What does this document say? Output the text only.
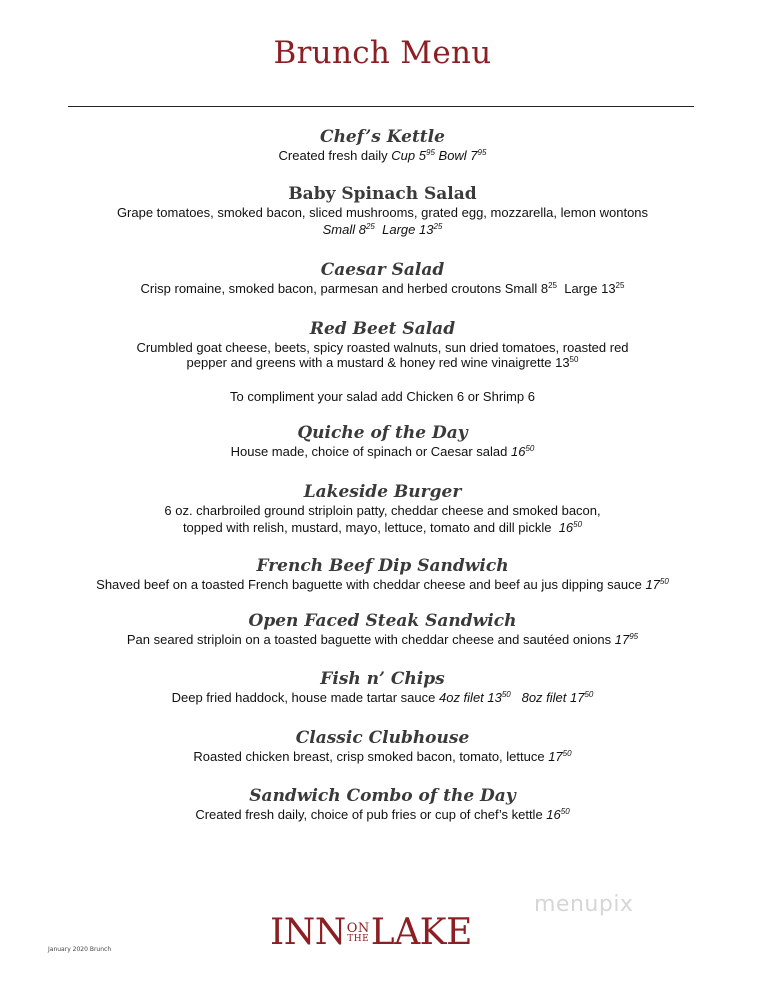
Brunch Menu
Chef’s Kettle

Created fresh daily Cup $5^{95}$ Bowl $7^{95}$

Baby Spinach Salad

Grape tomatoes, smoked bacon, sliced mushrooms, grated egg, mozzarella, lemon wontons

Small $8^{25}$ Large $13^{25}$

Caesar Salad

Crisp romaine, smoked bacon, parmesan and herbed croutons Small $8^{25}$  Large $13^{25}$

Red Beet Salad

Crumbled goat cheese, beets, spicy roasted walnuts, sun dried tomatoes, roasted red

pepper and greens with a mustard & honey red wine vinaigrette $13^{50}$

To compliment your salad add Chicken 6 or Shrimp 6
Quiche of the Day

House made, choice of spinach or Caesar salad $16^{50}$

Lakeside Burger

6 oz. charbroiled ground striploin patty, cheddar cheese and smoked bacon,

topped with relish, mustard, mayo, lettuce, tomato and dill pickle  $16^{50}$

French Beef Dip Sandwich

Shaved beef on a toasted French baguette with cheddar cheese and beef au jus dipping sauce $17^{50}$

Open Faced Steak Sandwich

Pan seared striploin on a toasted baguette with cheddar cheese and sautéed onions $17^{95}$

Fish n’ Chips

Deep fried haddock, house made tartar sauce 4oz filet $13^{50}$   8oz filet $17^{50}$

Classic Clubhouse

Roasted chicken breast, crisp smoked bacon, tomato, lettuce $17^{50}$

Sandwich Combo of the Day

Created fresh daily, choice of pub fries or cup of chef’s kettle $16^{50}$

menupix
INN ON
THE LAKE
January 2020 Brunch
